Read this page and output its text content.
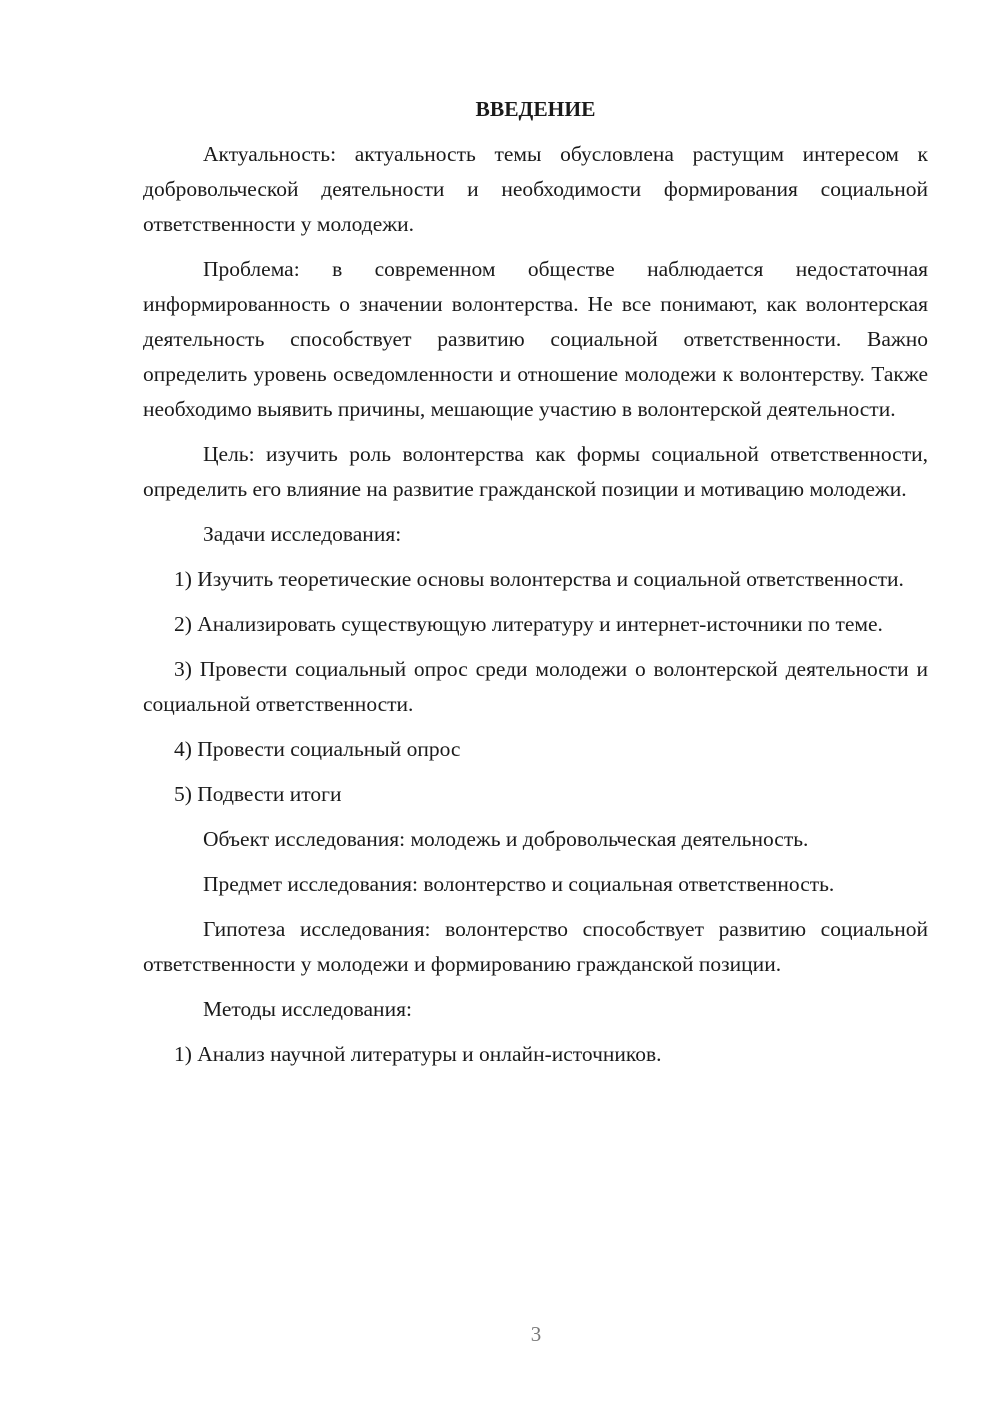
ВВЕДЕНИЕ

Актуальность: актуальность темы обусловлена растущим интересом к добровольческой деятельности и необходимости формирования социальной ответственности у молодежи.

Проблема: в современном обществе наблюдается недостаточная информированность о значении волонтерства. Не все понимают, как волонтерская деятельность способствует развитию социальной ответственности. Важно определить уровень осведомленности и отношение молодежи к волонтерству. Также необходимо выявить причины, мешающие участию в волонтерской деятельности.

Цель: изучить роль волонтерства как формы социальной ответственности, определить его влияние на развитие гражданской позиции и мотивацию молодежи.

Задачи исследования:

1) Изучить теоретические основы волонтерства и социальной ответственности.

2) Анализировать существующую литературу и интернет-источники по теме.

3) Провести социальный опрос среди молодежи о волонтерской деятельности и социальной ответственности.

4) Провести социальный опрос

5) Подвести итоги

Объект исследования: молодежь и добровольческая деятельность.

Предмет исследования: волонтерство и социальная ответственность.

Гипотеза исследования: волонтерство способствует развитию социальной ответственности у молодежи и формированию гражданской позиции.

Методы исследования:

1) Анализ научной литературы и онлайн-источников.

3
